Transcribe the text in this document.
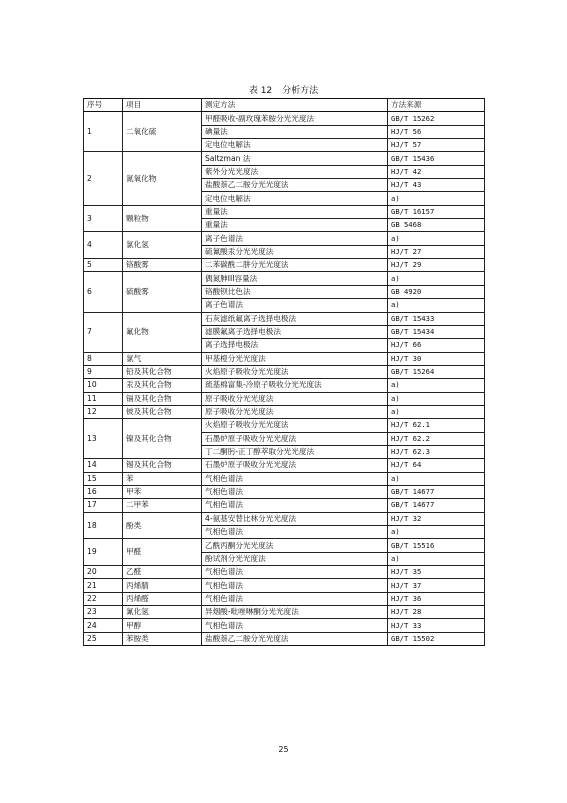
表 12 分析方法
序号	项目	测定方法	方法来源
1	二氧化硫	甲醛吸收-副玫瑰苯胺分光光度法	GB/T 15262
		碘量法	HJ/T 56
		定电位电解法	HJ/T 57
2	氮氧化物	Saltzman 法	GB/T 15436
		紫外分光光度法	HJ/T 42
		盐酸萘乙二胺分光光度法	HJ/T 43
		定电位电解法	a)
3	颗粒物	重量法	GB/T 16157
		重量法	GB 5468
4	氯化氢	离子色谱法	a)
		硫氰酸汞分光光度法	HJ/T 27
5	铬酸雾	二苯碳酰二肼分光光度法	HJ/T 29
6	硫酸雾	偶氮胂III容量法	a)
		铬酸钡比色法	GB 4920
		离子色谱法	a)
7	氟化物	石灰滤纸氟离子选择电极法	GB/T 15433
		滤膜氟离子选择电极法	GB/T 15434
		离子选择电极法	HJ/T 66
8	氯气	甲基橙分光光度法	HJ/T 30
9	铅及其化合物	火焰原子吸收分光光度法	GB/T 15264
10	汞及其化合物	巯基棉富集-冷原子吸收分光光度法	a)
11	镉及其化合物	原子吸收分光光度法	a)
12	铍及其化合物	原子吸收分光光度法	a)
13	镍及其化合物	火焰原子吸收分光光度法	HJ/T 62.1
		石墨炉原子吸收分光光度法	HJ/T 62.2
		丁二酮肟-正丁醇萃取分光光度法	HJ/T 62.3
14	锡及其化合物	石墨炉原子吸收分光光度法	HJ/T 64
15	苯	气相色谱法	a)
16	甲苯	气相色谱法	GB/T 14677
17	二甲苯	气相色谱法	GB/T 14677
18	酚类	4-氨基安替比林分光光度法	HJ/T 32
		气相色谱法	a)
19	甲醛	乙酰丙酮分光光度法	GB/T 15516
		酚试剂分光光度法	a)
20	乙醛	气相色谱法	HJ/T 35
21	丙烯腈	气相色谱法	HJ/T 37
22	丙烯醛	气相色谱法	HJ/T 36
23	氰化氢	异烟酸-吡唑啉酮分光光度法	HJ/T 28
24	甲醇	气相色谱法	HJ/T 33
25	苯胺类	盐酸萘乙二胺分光光度法	GB/T 15502
25
